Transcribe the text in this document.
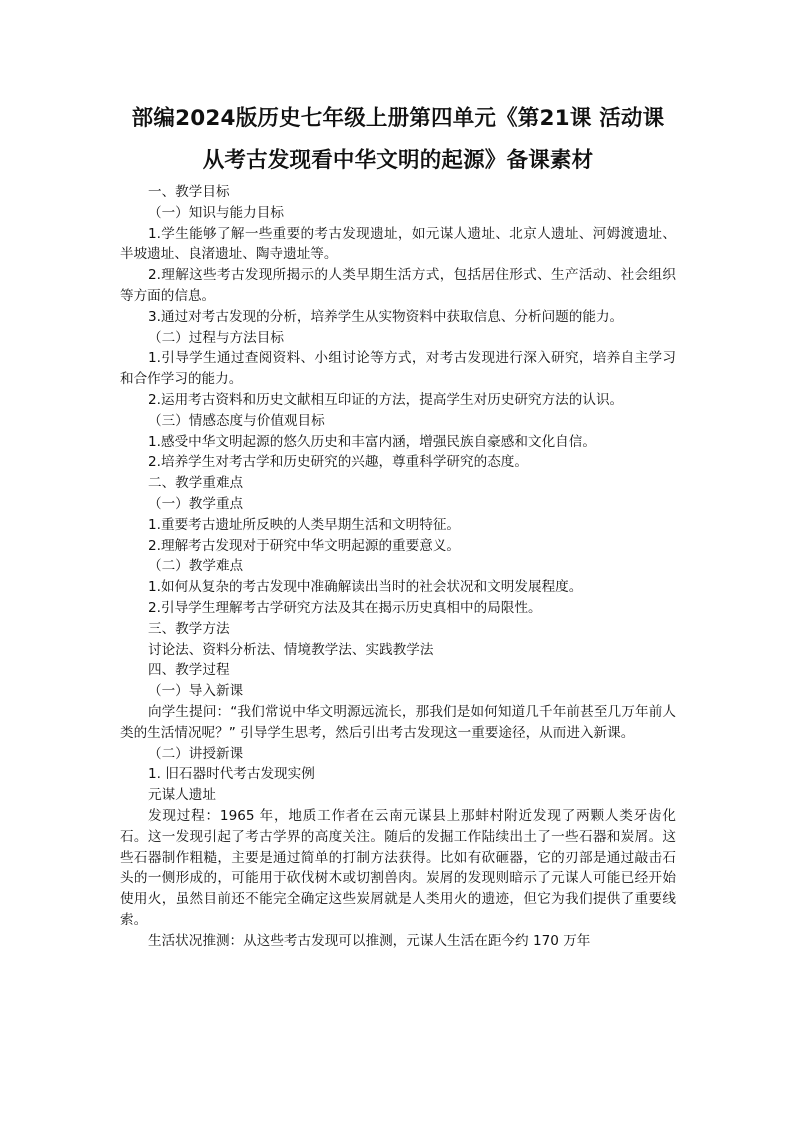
部编2024版历史七年级上册第四单元《第21课 活动课 从考古发现看中华文明的起源》备课素材

一、教学目标

（一）知识与能力目标

1.学生能够了解一些重要的考古发现遗址，如元谋人遗址、北京人遗址、河姆渡遗址、半坡遗址、良渚遗址、陶寺遗址等。

2.理解这些考古发现所揭示的人类早期生活方式，包括居住形式、生产活动、社会组织等方面的信息。

3.通过对考古发现的分析，培养学生从实物资料中获取信息、分析问题的能力。

（二）过程与方法目标

1.引导学生通过查阅资料、小组讨论等方式，对考古发现进行深入研究，培养自主学习和合作学习的能力。

2.运用考古资料和历史文献相互印证的方法，提高学生对历史研究方法的认识。

（三）情感态度与价值观目标

1.感受中华文明起源的悠久历史和丰富内涵，增强民族自豪感和文化自信。

2.培养学生对考古学和历史研究的兴趣，尊重科学研究的态度。

二、教学重难点

（一）教学重点

1.重要考古遗址所反映的人类早期生活和文明特征。

2.理解考古发现对于研究中华文明起源的重要意义。

（二）教学难点

1.如何从复杂的考古发现中准确解读出当时的社会状况和文明发展程度。

2.引导学生理解考古学研究方法及其在揭示历史真相中的局限性。

三、教学方法

讨论法、资料分析法、情境教学法、实践教学法

四、教学过程

（一）导入新课

向学生提问：“我们常说中华文明源远流长，那我们是如何知道几千年前甚至几万年前人类的生活情况呢？” 引导学生思考，然后引出考古发现这一重要途径，从而进入新课。

（二）讲授新课

1. 旧石器时代考古发现实例

元谋人遗址

发现过程：1965 年，地质工作者在云南元谋县上那蚌村附近发现了两颗人类牙齿化石。这一发现引起了考古学界的高度关注。随后的发掘工作陆续出土了一些石器和炭屑。这些石器制作粗糙，主要是通过简单的打制方法获得。比如有砍砸器，它的刃部是通过敲击石头的一侧形成的，可能用于砍伐树木或切割兽肉。炭屑的发现则暗示了元谋人可能已经开始使用火，虽然目前还不能完全确定这些炭屑就是人类用火的遗迹，但它为我们提供了重要线索。

生活状况推测：从这些考古发现可以推测，元谋人生活在距今约 170 万年
